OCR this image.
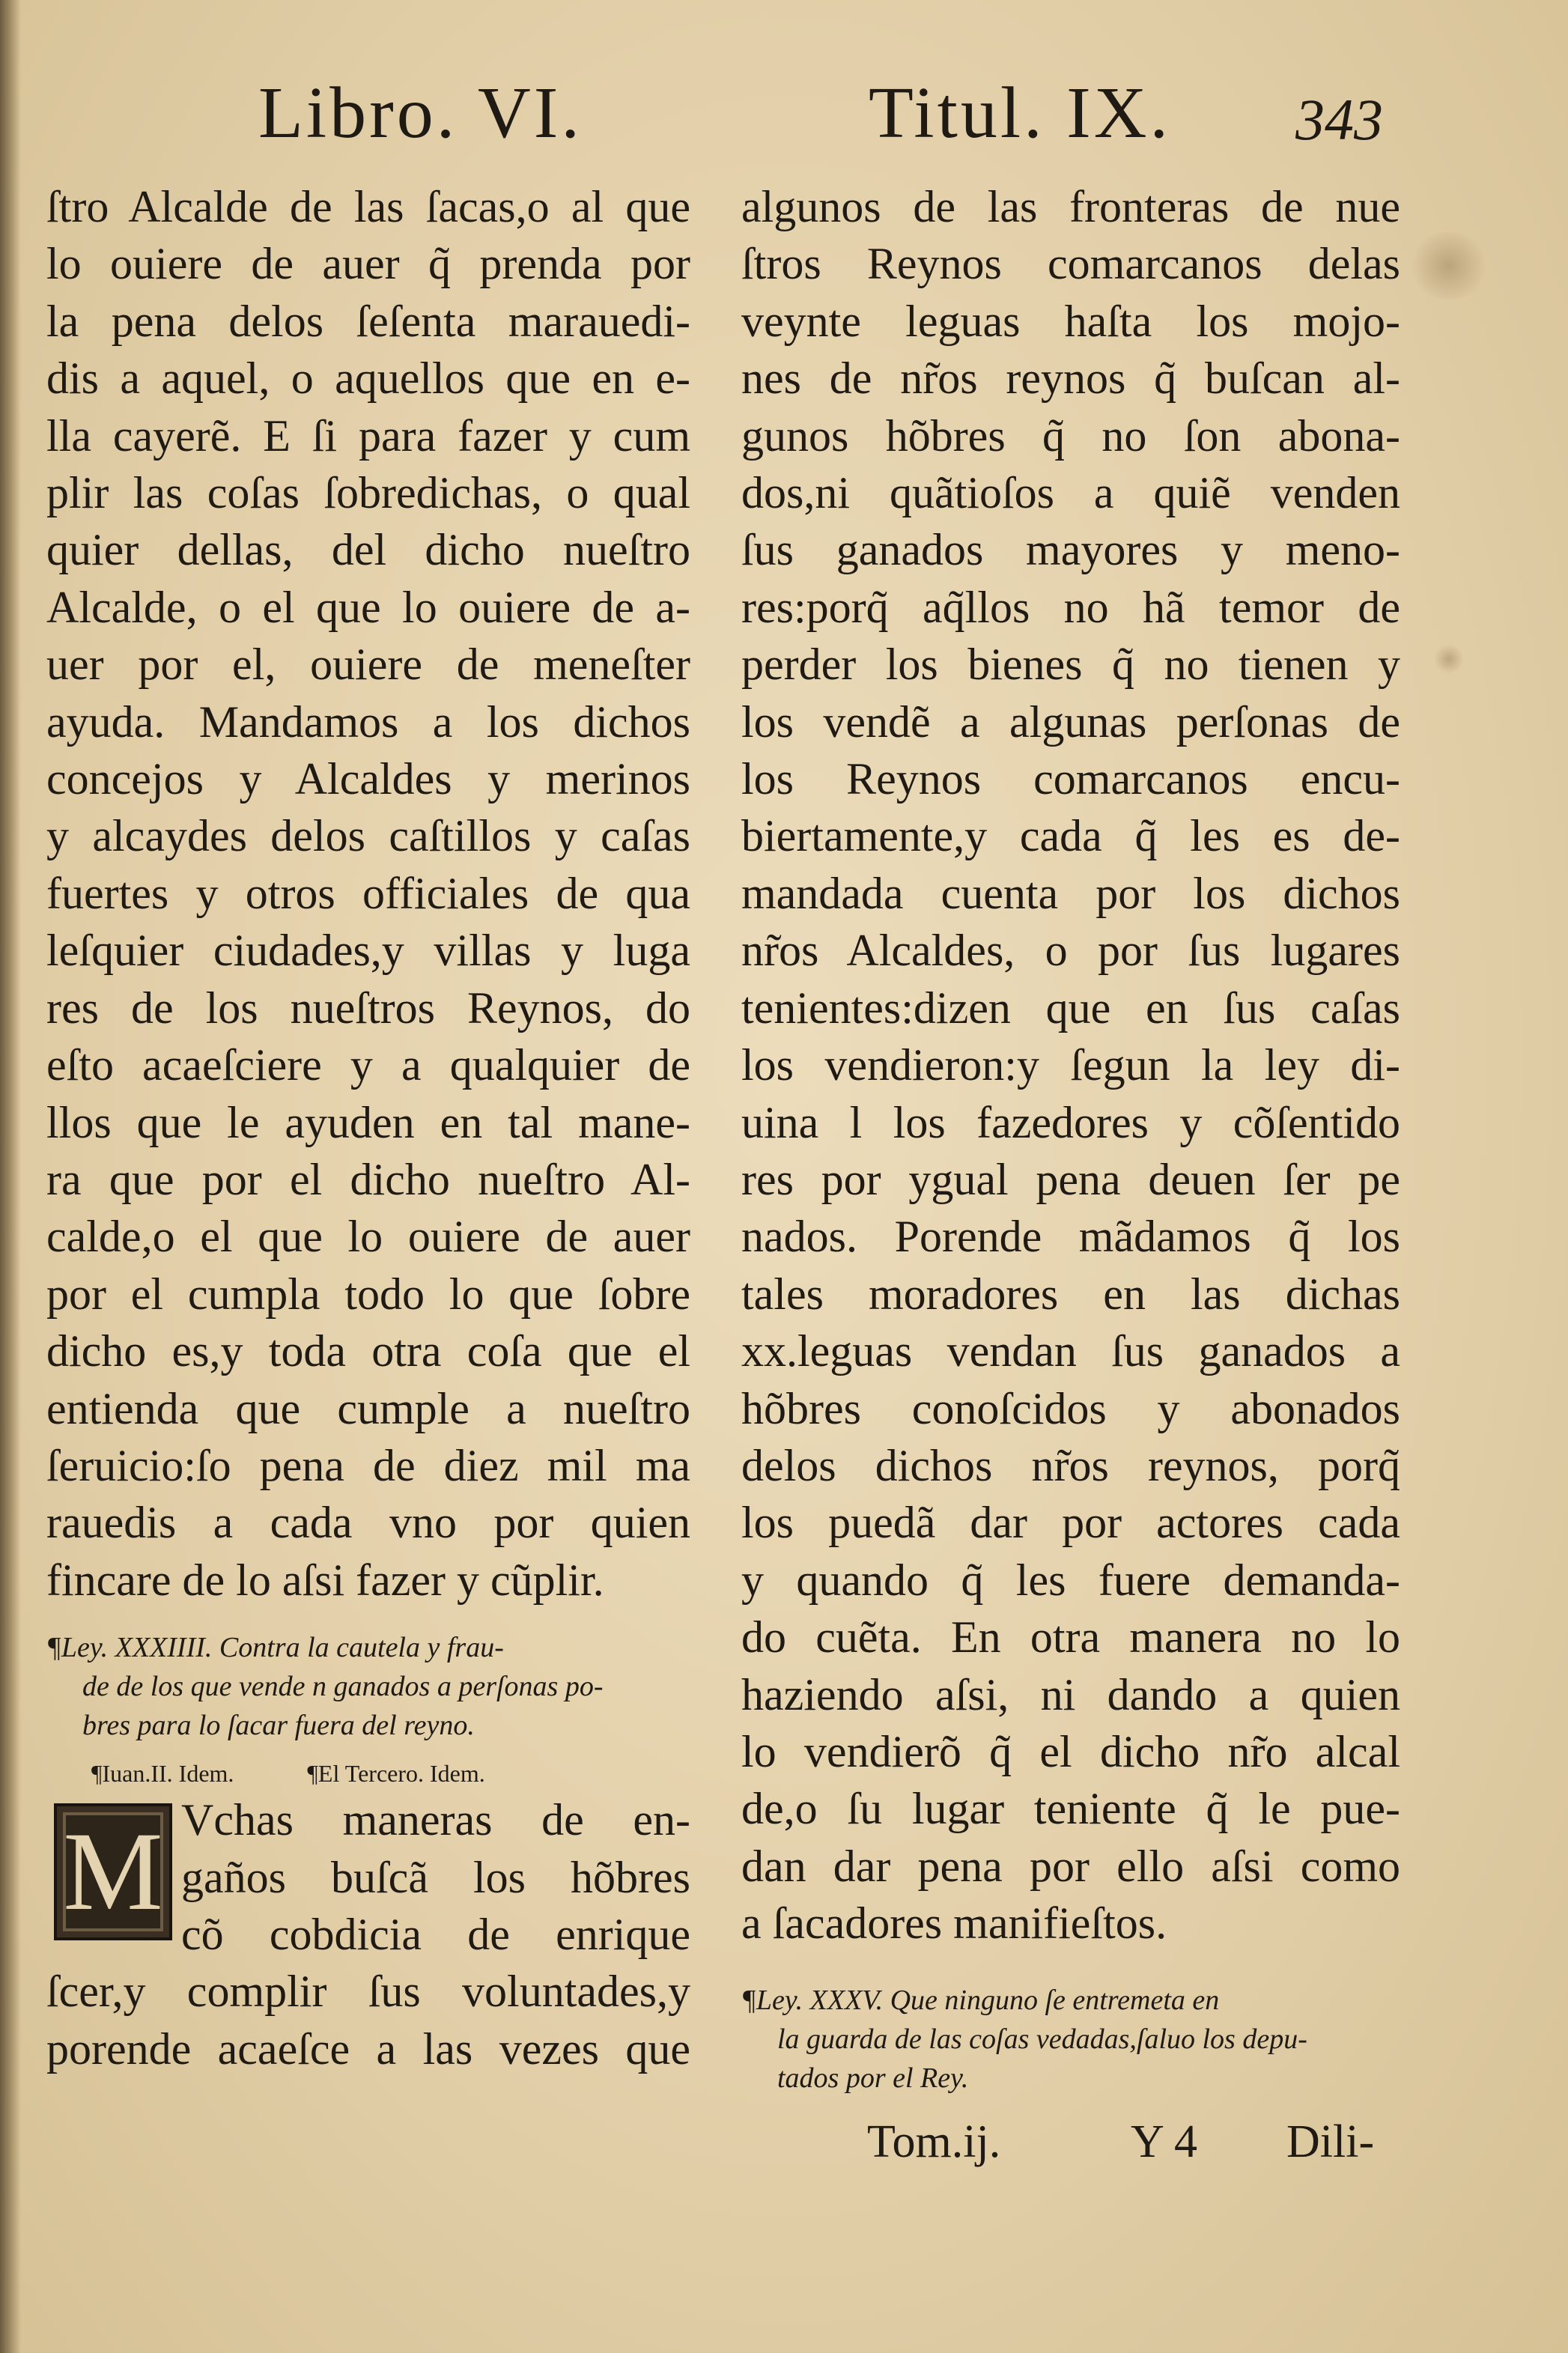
Libro. VI.	Titul. IX. 343
ſtro Alcalde de las ſacas,o al que
lo ouiere de auer q̃ prenda por
la pena delos ſeſenta marauedi-
dis a aquel, o aquellos que en e-
lla cayerẽ. E ſi para fazer y cum
plir las coſas ſobredichas, o qual
quier dellas, del dicho nueſtro
Alcalde, o el que lo ouiere de a-
uer por el, ouiere de meneſter
ayuda. Mandamos a los dichos
concejos y Alcaldes y merinos
y alcaydes delos caſtillos y caſas
fuertes y otros officiales de qua
leſquier ciudades,y villas y luga
res de los nueſtros Reynos, do
eſto acaeſciere y a qualquier de
llos que le ayuden en tal mane-
ra que por el dicho nueſtro Al-
calde,o el que lo ouiere de auer
por el cumpla todo lo que ſobre
dicho es,y toda otra coſa que el
entienda que cumple a nueſtro
ſeruicio:ſo pena de diez mil ma
rauedis a cada vno por quien
fincare de lo aſsi fazer y cũplir.
¶Ley. XXXIIII. Contra la cautela y frau-
de de los que vende n ganados a perſonas po-
bres para lo ſacar fuera del reyno.
¶Iuan.II. Idem.	¶El Tercero. Idem.
M Vchas maneras de en-
gaños buſcã los hõbres
cõ cobdicia de enrique
ſcer,y complir ſus voluntades,y
porende acaeſce a las vezes que
algunos de las fronteras de nue
ſtros Reynos comarcanos delas
veynte leguas haſta los mojo-
nes de nr̃os reynos q̃ buſcan al-
gunos hõbres q̃ no ſon abona-
dos,ni quãtioſos a quiẽ venden
ſus ganados mayores y meno-
res:porq̃ aq̃llos no hã temor de
perder los bienes q̃ no tienen y
los vendẽ a algunas perſonas de
los Reynos comarcanos encu-
biertamente,y cada q̃ les es de-
mandada cuenta por los dichos
nr̃os Alcaldes, o por ſus lugares
tenientes:dizen que en ſus caſas
los vendieron:y ſegun la ley di-
uina l los fazedores y cõſentido
res por ygual pena deuen ſer pe
nados. Porende mãdamos q̃ los
tales moradores en las dichas
xx.leguas vendan ſus ganados a
hõbres conoſcidos y abonados
delos dichos nr̃os reynos, porq̃
los puedã dar por actores cada
y quando q̃ les fuere demanda-
do cuẽta. En otra manera no lo
haziendo aſsi, ni dando a quien
lo vendierõ q̃ el dicho nr̃o alcal
de,o ſu lugar teniente q̃ le pue-
dan dar pena por ello aſsi como
a ſacadores manifieſtos.
¶Ley. XXXV. Que ninguno ſe entremeta en
la guarda de las coſas vedadas,ſaluo los depu-
tados por el Rey.
Tom.ij.	Y 4 Dili-
